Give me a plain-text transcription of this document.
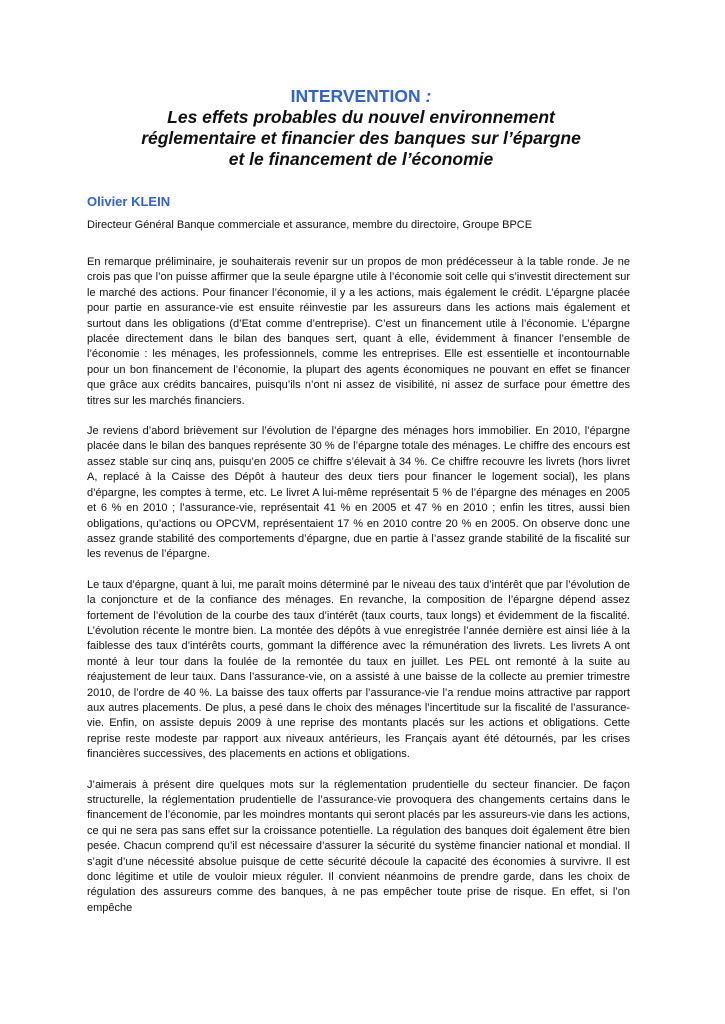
INTERVENTION :
Les effets probables du nouvel environnement
réglementaire et financier des banques sur l’épargne
et le financement de l’économie
Olivier KLEIN
Directeur Général Banque commerciale et assurance, membre du directoire, Groupe BPCE

En remarque préliminaire, je souhaiterais revenir sur un propos de mon prédécesseur à la table ronde. Je ne crois pas que l’on puisse affirmer que la seule épargne utile à l’économie soit celle qui s’investit directement sur le marché des actions. Pour financer l’économie, il y a les actions, mais également le crédit. L’épargne placée pour partie en assurance-vie est ensuite réinvestie par les assureurs dans les actions mais également et surtout dans les obligations (d’Etat comme d’entreprise). C’est un financement utile à l’économie. L’épargne placée directement dans le bilan des banques sert, quant à elle, évidemment à financer l’ensemble de l’économie : les ménages, les professionnels, comme les entreprises. Elle est essentielle et incontournable pour un bon financement de l’économie, la plupart des agents économiques ne pouvant en effet se financer que grâce aux crédits bancaires, puisqu’ils n’ont ni assez de visibilité, ni assez de surface pour émettre des titres sur les marchés financiers.

Je reviens d’abord brièvement sur l’évolution de l’épargne des ménages hors immobilier. En 2010, l’épargne placée dans le bilan des banques représente 30 % de l’épargne totale des ménages. Le chiffre des encours est assez stable sur cinq ans, puisqu’en 2005 ce chiffre s’élevait à 34 %. Ce chiffre recouvre les livrets (hors livret A, replacé à la Caisse des Dépôt à hauteur des deux tiers pour financer le logement social), les plans d’épargne, les comptes à terme, etc. Le livret A lui-même représentait 5 % de l’épargne des ménages en 2005 et 6 % en 2010 ; l’assurance-vie, représentait 41 % en 2005 et 47 % en 2010 ; enfin les titres, aussi bien obligations, qu’actions ou OPCVM, représentaient 17 % en 2010 contre 20 % en 2005. On observe donc une assez grande stabilité des comportements d’épargne, due en partie à l’assez grande stabilité de la fiscalité sur les revenus de l’épargne.

Le taux d’épargne, quant à lui, me paraît moins déterminé par le niveau des taux d’intérêt que par l’évolution de la conjoncture et de la confiance des ménages. En revanche, la composition de l’épargne dépend assez fortement de l’évolution de la courbe des taux d’intérêt (taux courts, taux longs) et évidemment de la fiscalité. L’évolution récente le montre bien. La montée des dépôts à vue enregistrée l’année dernière est ainsi liée à la faiblesse des taux d’intérêts courts, gommant la différence avec la rémunération des livrets. Les livrets A ont monté à leur tour dans la foulée de la remontée du taux en juillet. Les PEL ont remonté à la suite au réajustement de leur taux. Dans l’assurance-vie, on a assisté à une baisse de la collecte au premier trimestre 2010, de l’ordre de 40 %. La baisse des taux offerts par l’assurance-vie l’a rendue moins attractive par rapport aux autres placements. De plus, a pesé dans le choix des ménages l’incertitude sur la fiscalité de l’assurance-vie. Enfin, on assiste depuis 2009 à une reprise des montants placés sur les actions et obligations. Cette reprise reste modeste par rapport aux niveaux antérieurs, les Français ayant été détournés, par les crises financières successives, des placements en actions et obligations.

J’aimerais à présent dire quelques mots sur la réglementation prudentielle du secteur financier. De façon structurelle, la réglementation prudentielle de l’assurance-vie provoquera des changements certains dans le financement de l’économie, par les moindres montants qui seront placés par les assureurs-vie dans les actions, ce qui ne sera pas sans effet sur la croissance potentielle. La régulation des banques doit également être bien pesée. Chacun comprend qu’il est nécessaire d’assurer la sécurité du système financier national et mondial. Il s’agit d’une nécessité absolue puisque de cette sécurité découle la capacité des économies à survivre. Il est donc légitime et utile de vouloir mieux réguler. Il convient néanmoins de prendre garde, dans les choix de régulation des assureurs comme des banques, à ne pas empêcher toute prise de risque. En effet, si l’on empêche
